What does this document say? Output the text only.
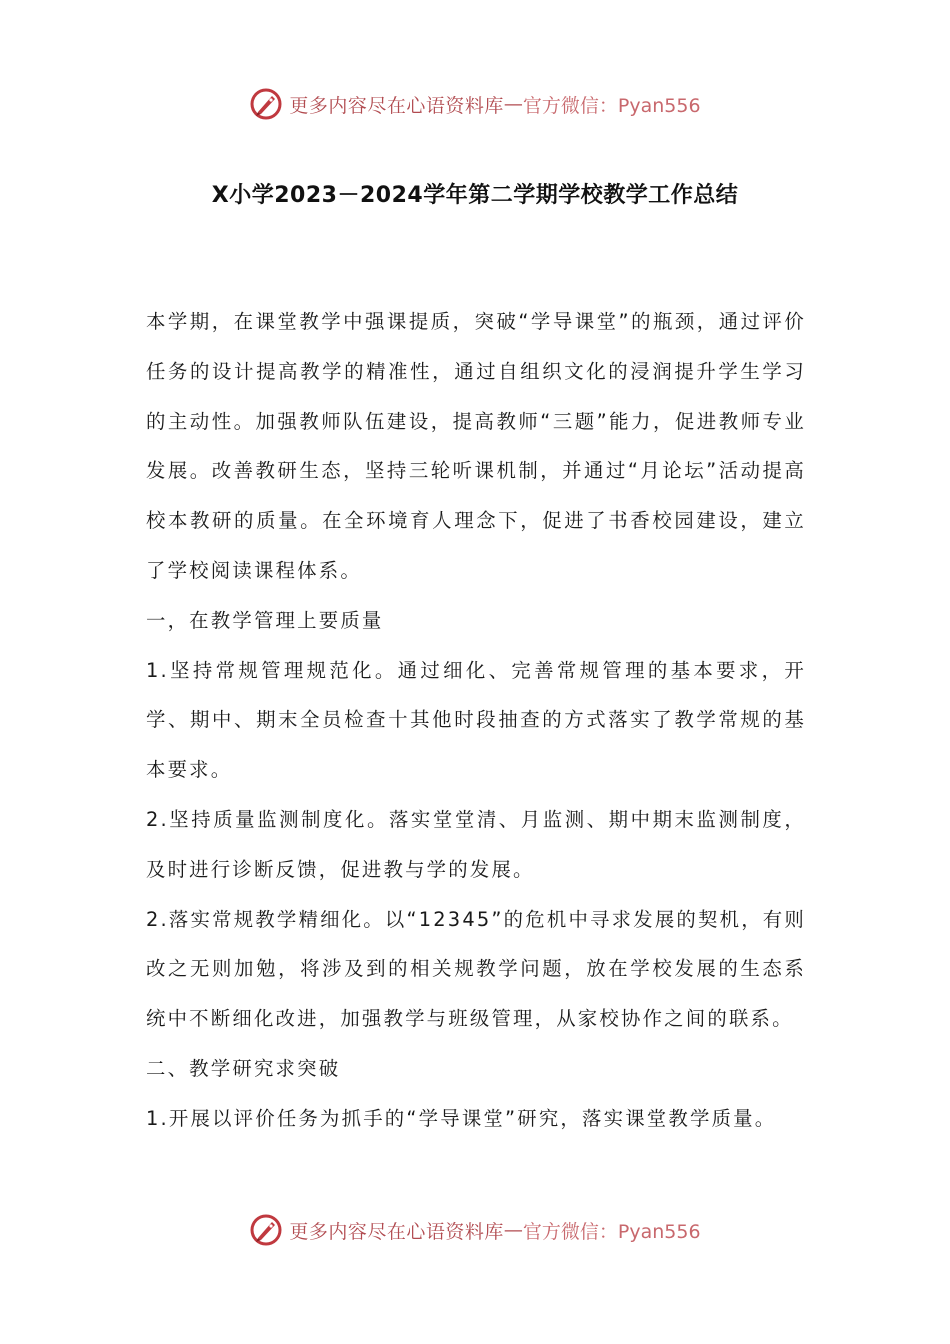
更多内容尽在心语资料库 — 官方微信：Pyan556
X小学2023－2024学年第二学期学校教学工作总结

本学期，在课堂教学中强课提质，突破“学导课堂”的瓶颈，通过评价任务的设计提高教学的精准性，通过自组织文化的浸润提升学生学习的主动性。加强教师队伍建设，提高教师“三题”能力，促进教师专业发展。改善教研生态，坚持三轮听课机制，并通过“月论坛”活动提高校本教研的质量。在全环境育人理念下，促进了书香校园建设，建立了学校阅读课程体系。

一，在教学管理上要质量

1.坚持常规管理规范化。通过细化、完善常规管理的基本要求，开学、期中、期末全员检查十其他时段抽查的方式落实了教学常规的基本要求。

2.坚持质量监测制度化。落实堂堂清、月监测、期中期末监测制度，及时进行诊断反馈，促进教与学的发展。

2.落实常规教学精细化。以“12345”的危机中寻求发展的契机，有则改之无则加勉，将涉及到的相关规教学问题，放在学校发展的生态系统中不断细化改进，加强教学与班级管理，从家校协作之间的联系。

二、教学研究求突破

1.开展以评价任务为抓手的“学导课堂”研究，落实课堂教学质量。

更多内容尽在心语资料库 — 官方微信：Pyan556
